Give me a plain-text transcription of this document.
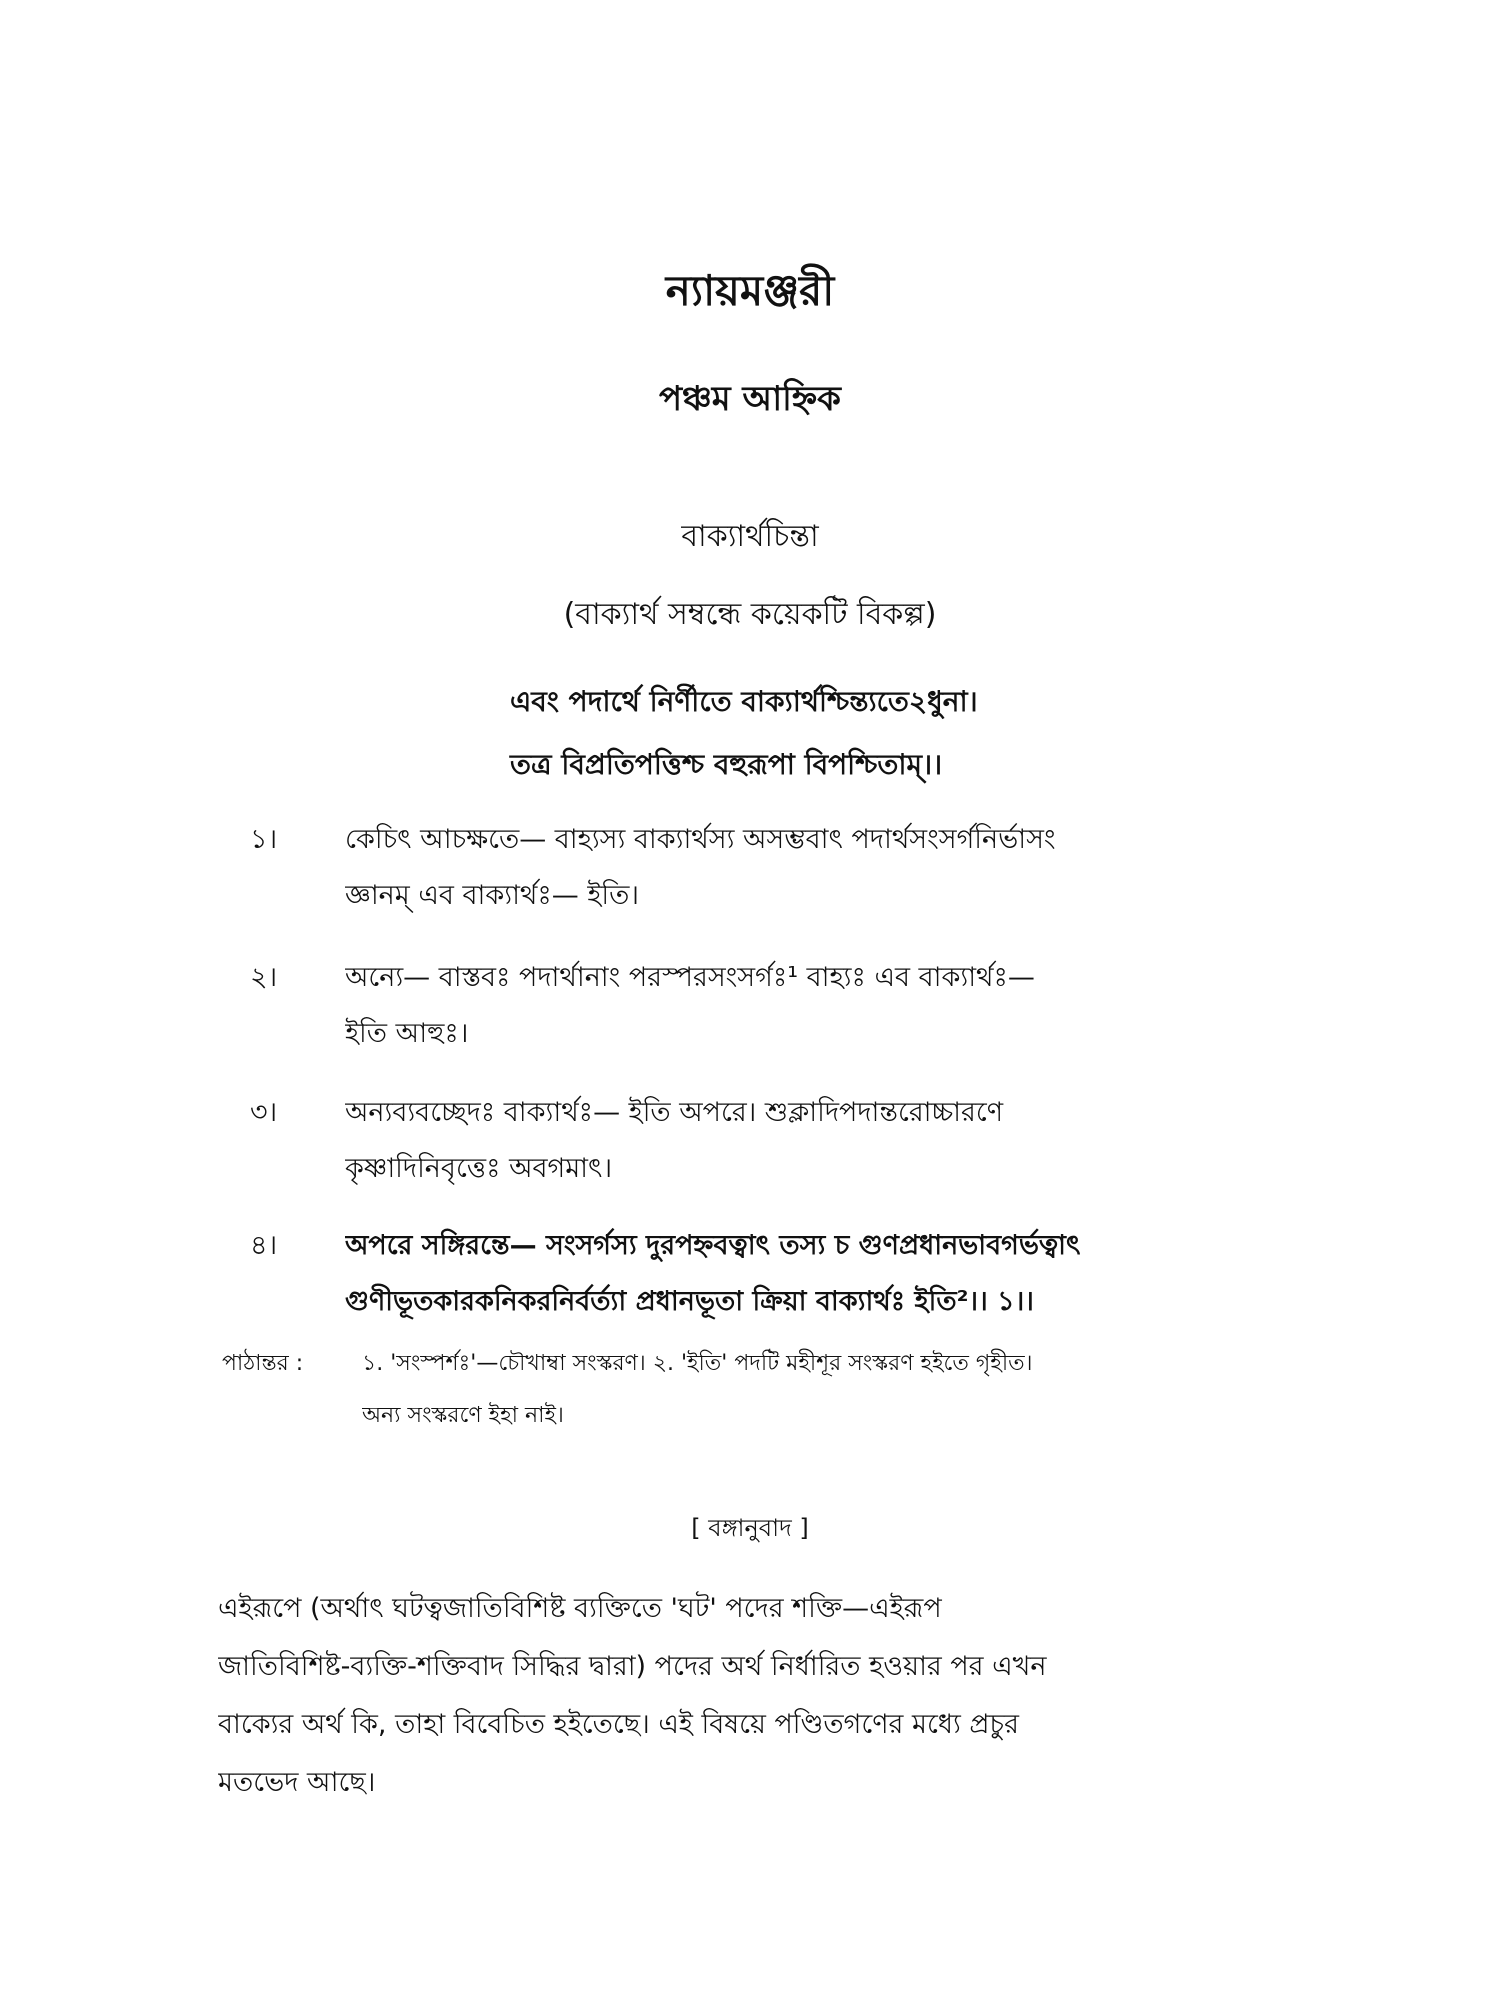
ন্যায়মঞ্জরী
পঞ্চম আহ্নিক
বাক্যার্থচিন্তা
(বাক্যার্থ সম্বন্ধে কয়েকটি বিকল্প)
এবং পদার্থে নির্ণীতে বাক্যার্থশ্চিন্ত্যতে২ধুনা।
তত্র বিপ্রতিপত্তিশ্চ বহুরূপা বিপশ্চিতাম্।।
১।	কেচিৎ আচক্ষতে— বাহ্যস্য বাক্যার্থস্য অসম্ভবাৎ পদার্থসংসর্গনির্ভাসং
জ্ঞানম্ এব বাক্যার্থঃ— ইতি।
২।	অন্যে— বাস্তবঃ পদার্থানাং পরস্পরসংসর্গঃ¹ বাহ্যঃ এব বাক্যার্থঃ—
ইতি আহুঃ।
৩।	অন্যব্যবচ্ছেদঃ বাক্যার্থঃ— ইতি অপরে। শুক্লাদিপদান্তরোচ্চারণে
কৃষ্ণাদিনিবৃত্তেঃ অবগমাৎ।
৪।	অপরে সঙ্গিরন্তে— সংসর্গস্য দুরপহ্নবত্বাৎ তস্য চ গুণপ্রধানভাবগর্ভত্বাৎ
গুণীভূতকারকনিকরনির্বর্ত্যা প্রধানভূতা ক্রিয়া বাক্যার্থঃ ইতি²।। ১।।
পাঠান্তর :	১. 'সংস্পর্শঃ'—চৌখাম্বা সংস্করণ। ২. 'ইতি' পদটি মহীশূর সংস্করণ হইতে গৃহীত।
অন্য সংস্করণে ইহা নাই।
[ বঙ্গানুবাদ ]
এইরূপে (অর্থাৎ ঘটত্বজাতিবিশিষ্ট ব্যক্তিতে 'ঘট' পদের শক্তি—এইরূপ
জাতিবিশিষ্ট-ব্যক্তি-শক্তিবাদ সিদ্ধির দ্বারা) পদের অর্থ নির্ধারিত হওয়ার পর এখন
বাক্যের অর্থ কি, তাহা বিবেচিত হইতেছে। এই বিষয়ে পণ্ডিতগণের মধ্যে প্রচুর
মতভেদ আছে।
